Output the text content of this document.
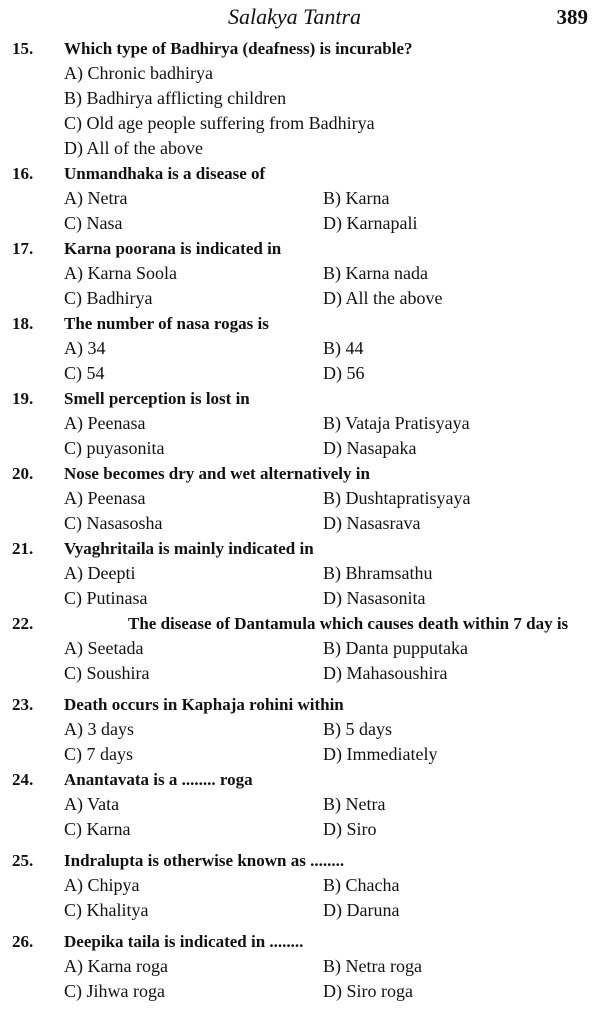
Salakya Tantra	389
15. Which type of Badhirya (deafness) is incurable?
A) Chronic badhirya
B) Badhirya afflicting children
C) Old age people suffering from Badhirya
D) All of the above
16. Unmandhaka is a disease of
A) Netra	B) Karna
C) Nasa	D) Karnapali
17. Karna poorana is indicated in
A) Karna Soola	B) Karna nada
C) Badhirya	D) All the above
18. The number of nasa rogas is
A) 34	B) 44
C) 54	D) 56
19. Smell perception is lost in
A) Peenasa	B) Vataja Pratisyaya
C) puyasonita	D) Nasapaka
20. Nose becomes dry and wet alternatively in
A) Peenasa	B) Dushtapratisyaya
C) Nasasosha	D) Nasasrava
21. Vyaghritaila is mainly indicated in
A) Deepti	B) Bhramsathu
C) Putinasa	D) Nasasonita
22.	The disease of Dantamula which causes death within 7 day is
A) Seetada	B) Danta pupputaka
C) Soushira	D) Mahasoushira
23. Death occurs in Kaphaja rohini within
A) 3 days	B) 5 days
C) 7 days	D) Immediately
24. Anantavata is a ........ roga
A) Vata	B) Netra
C) Karna	D) Siro
25. Indralupta is otherwise known as ........
A) Chipya	B) Chacha
C) Khalitya	D) Daruna
26. Deepika taila is indicated in ........
A) Karna roga	B) Netra roga
C) Jihwa roga	D) Siro roga
